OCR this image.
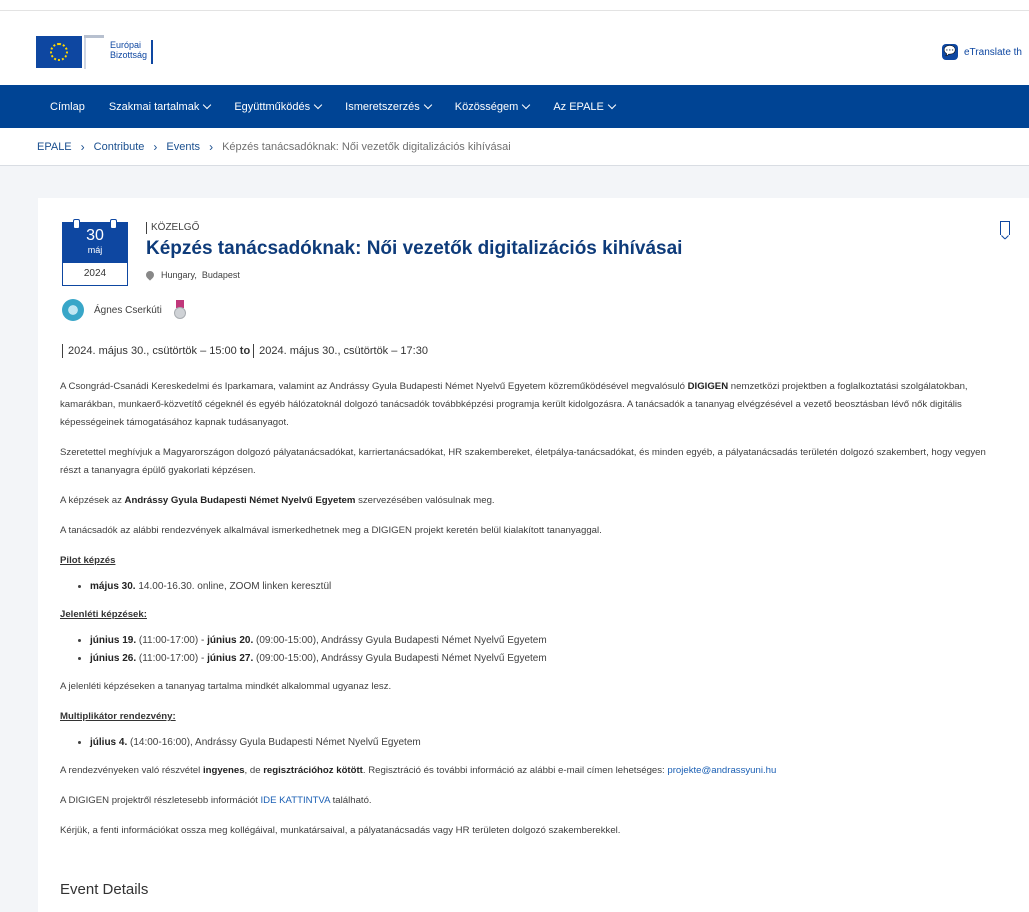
Európai
Bizottság	💬 eTranslate th
Címlap Szakmai tartalmak	Együttműködés	Ismeretszerzés	Közösségem	Az EPALE
EPALE › Contribute › Events › Képzés tanácsadóknak: Női vezetők digitalizációs kihívásai
30
máj
2024
KÖZELGŐ
Képzés tanácsadóknak: Női vezetők digitalizációs kihívásai
Hungary,
Budapest
Ágnes Cserkúti
2024. május 30., csütörtök – 15:00 to 2024. május 30., csütörtök – 17:30

A Csongrád-Csanádi Kereskedelmi és Iparkamara, valamint az Andrássy Gyula Budapesti Német Nyelvű Egyetem közreműködésével megvalósuló DIGIGEN nemzetközi projektben a foglalkoztatási szolgálatokban, kamarákban, munkaerő-közvetítő cégeknél és egyéb hálózatoknál dolgozó tanácsadók továbbképzési programja került kidolgozásra. A tanácsadók a tananyag elvégzésével a vezető beosztásban lévő nők digitális képességeinek támogatásához kapnak tudásanyagot.

Szeretettel meghívjuk a Magyarországon dolgozó pályatanácsadókat, karriertanácsadókat, HR szakembereket, életpálya-tanácsadókat, és minden egyéb, a pályatanácsadás területén dolgozó szakembert, hogy vegyen részt a tananyagra épülő gyakorlati képzésen.

A képzések az Andrássy Gyula Budapesti Német Nyelvű Egyetem szervezésében valósulnak meg.

A tanácsadók az alábbi rendezvények alkalmával ismerkedhetnek meg a DIGIGEN projekt keretén belül kialakított tananyaggal.

Pilot képzés
• május 30. 14.00-16.30. online, ZOOM linken keresztül
Jelenléti képzések:
• június 19. (11:00-17:00) - június 20. (09:00-15:00), Andrássy Gyula Budapesti Német Nyelvű Egyetem
• június 26. (11:00-17:00) - június 27. (09:00-15:00), Andrássy Gyula Budapesti Német Nyelvű Egyetem

A jelenléti képzéseken a tananyag tartalma mindkét alkalommal ugyanaz lesz.

Multiplikátor rendezvény:
• július 4. (14:00-16:00), Andrássy Gyula Budapesti Német Nyelvű Egyetem

A rendezvényeken való részvétel ingyenes, de regisztrációhoz kötött. Regisztráció és további információ az alábbi e-mail címen lehetséges: projekte@andrassyuni.hu

A DIGIGEN projektről részletesebb információt IDE KATTINTVA található.

Kérjük, a fenti információkat ossza meg kollégáival, munkatársaival, a pályatanácsadás vagy HR területen dolgozó szakemberekkel.

Event Details
